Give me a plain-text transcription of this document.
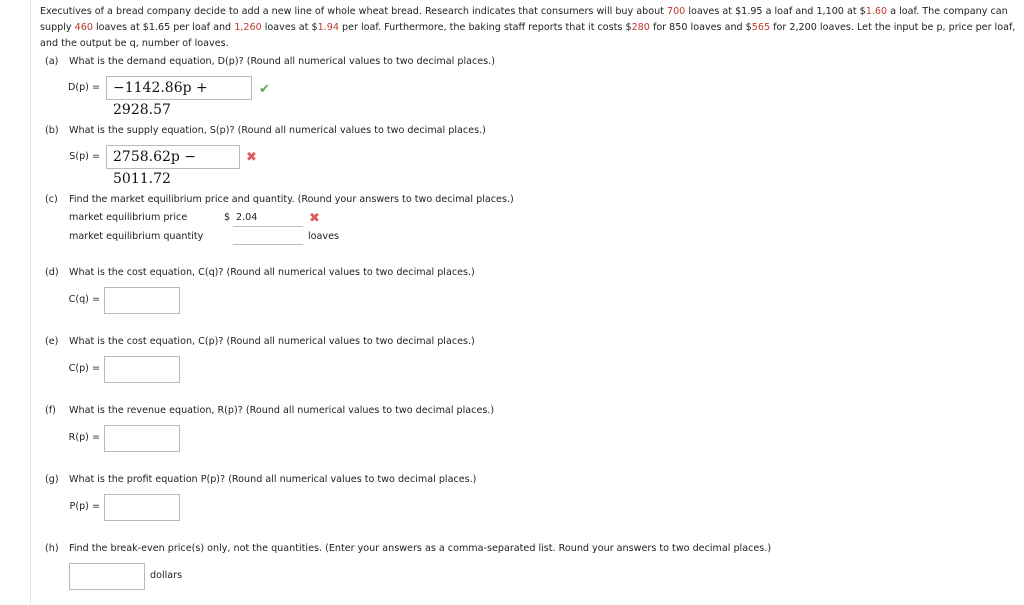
Executives of a bread company decide to add a new line of whole wheat bread. Research indicates that consumers will buy about 700 loaves at $1.95 a loaf and 1,100 at $1.60 a loaf. The company can supply 460 loaves at $1.65 per loaf and 1,260 loaves at $1.94 per loaf. Furthermore, the baking staff reports that it costs $280 for 850 loaves and $565 for 2,200 loaves. Let the input be p, price per loaf, and the output be q, number of loaves.
(a) What is the demand equation, D(p)? (Round all numerical values to two decimal places.)
D(p) = −1142.86p + 2928.57
✔
(b) What is the supply equation, S(p)? (Round all numerical values to two decimal places.)
S(p) = 2758.62p − 5011.72
✖
(c) Find the market equilibrium price and quantity. (Round your answers to two decimal places.)
market equilibrium price	$ 2.04	✖
market equilibrium quantity	loaves
(d) What is the cost equation, C(q)? (Round all numerical values to two decimal places.)
C(q) =
(e) What is the cost equation, C(p)? (Round all numerical values to two decimal places.)
C(p) =
(f) What is the revenue equation, R(p)? (Round all numerical values to two decimal places.)
R(p) =
(g) What is the profit equation P(p)? (Round all numerical values to two decimal places.)
P(p) =
(h) Find the break-even price(s) only, not the quantities. (Enter your answers as a comma-separated list. Round your answers to two decimal places.)
dollars
